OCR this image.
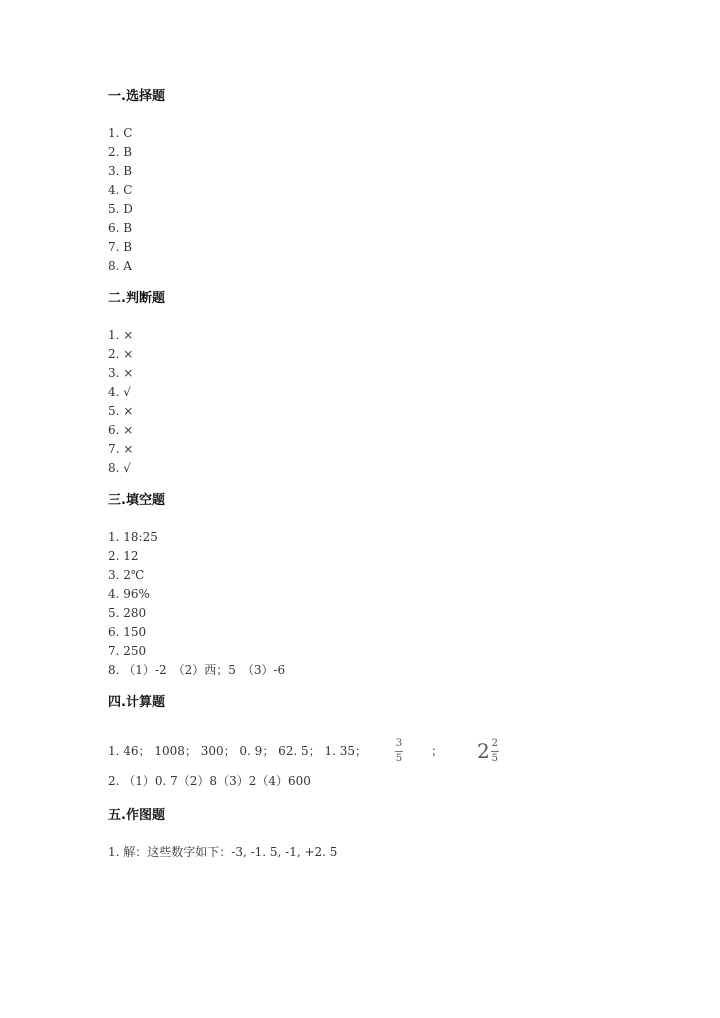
一.选择题
1. C
2. B
3. B
4. C
5. D
6. B
7. B
8. A
二.判断题
1. ×
2. ×
3. ×
4. √
5. ×
6. ×
7. ×
8. √
三.填空题
1. 18:25
2. 12
3. 2℃
4. 96%
5. 280
6. 150
7. 250
8. （1）-2　（2）西；5　（3）-6
四.计算题
1. 46； 1008； 300； 0. 9； 62. 5； 1. 35；	$\frac{3}{5}$ ； $2 \frac{2}{5}$
2. （1）0. 7（2）8（3）2（4）600
五.作图题
1. 解：这些数字如下：-3, -1. 5, -1, +2. 5
